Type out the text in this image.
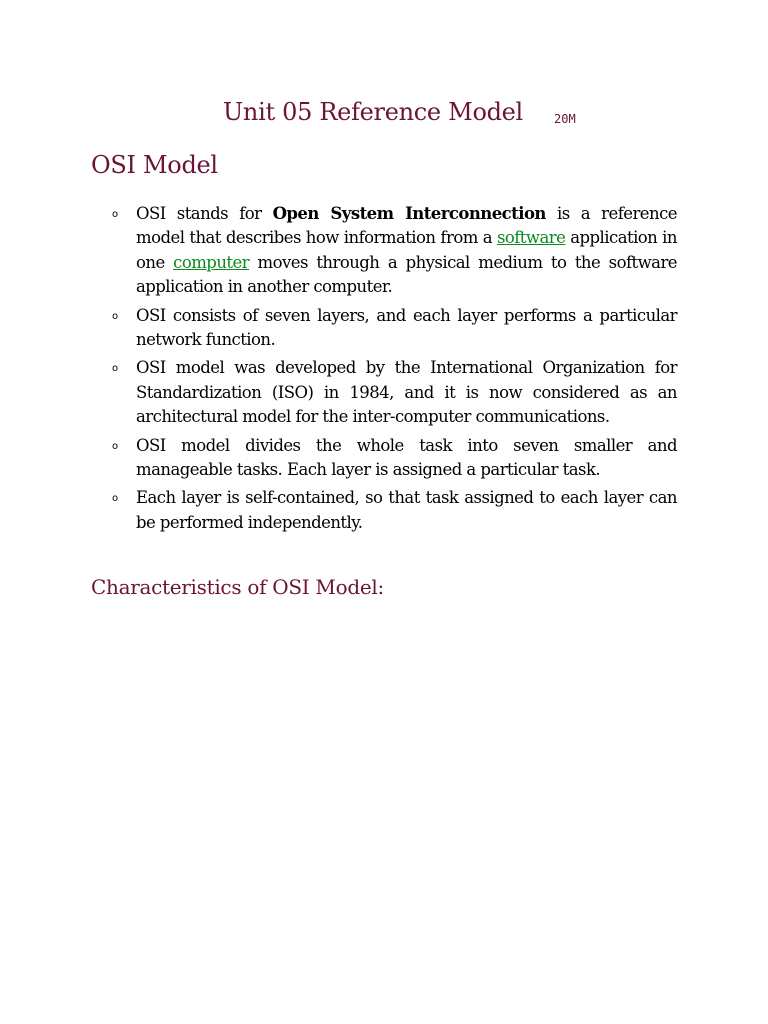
Unit 05 Reference Model	20M
OSI Model
o	OSI stands for Open System Interconnection is a reference model that describes how information from a software application in one computer moves through a physical medium to the software application in another computer.
o	OSI consists of seven layers, and each layer performs a particular network function.
o	OSI model was developed by the International Organization for Standardization (ISO) in 1984, and it is now considered as an architectural model for the inter-computer communications.
o	OSI model divides the whole task into seven smaller and manageable tasks. Each layer is assigned a particular task.
o	Each layer is self-contained, so that task assigned to each layer can be performed independently.
Characteristics of OSI Model:
